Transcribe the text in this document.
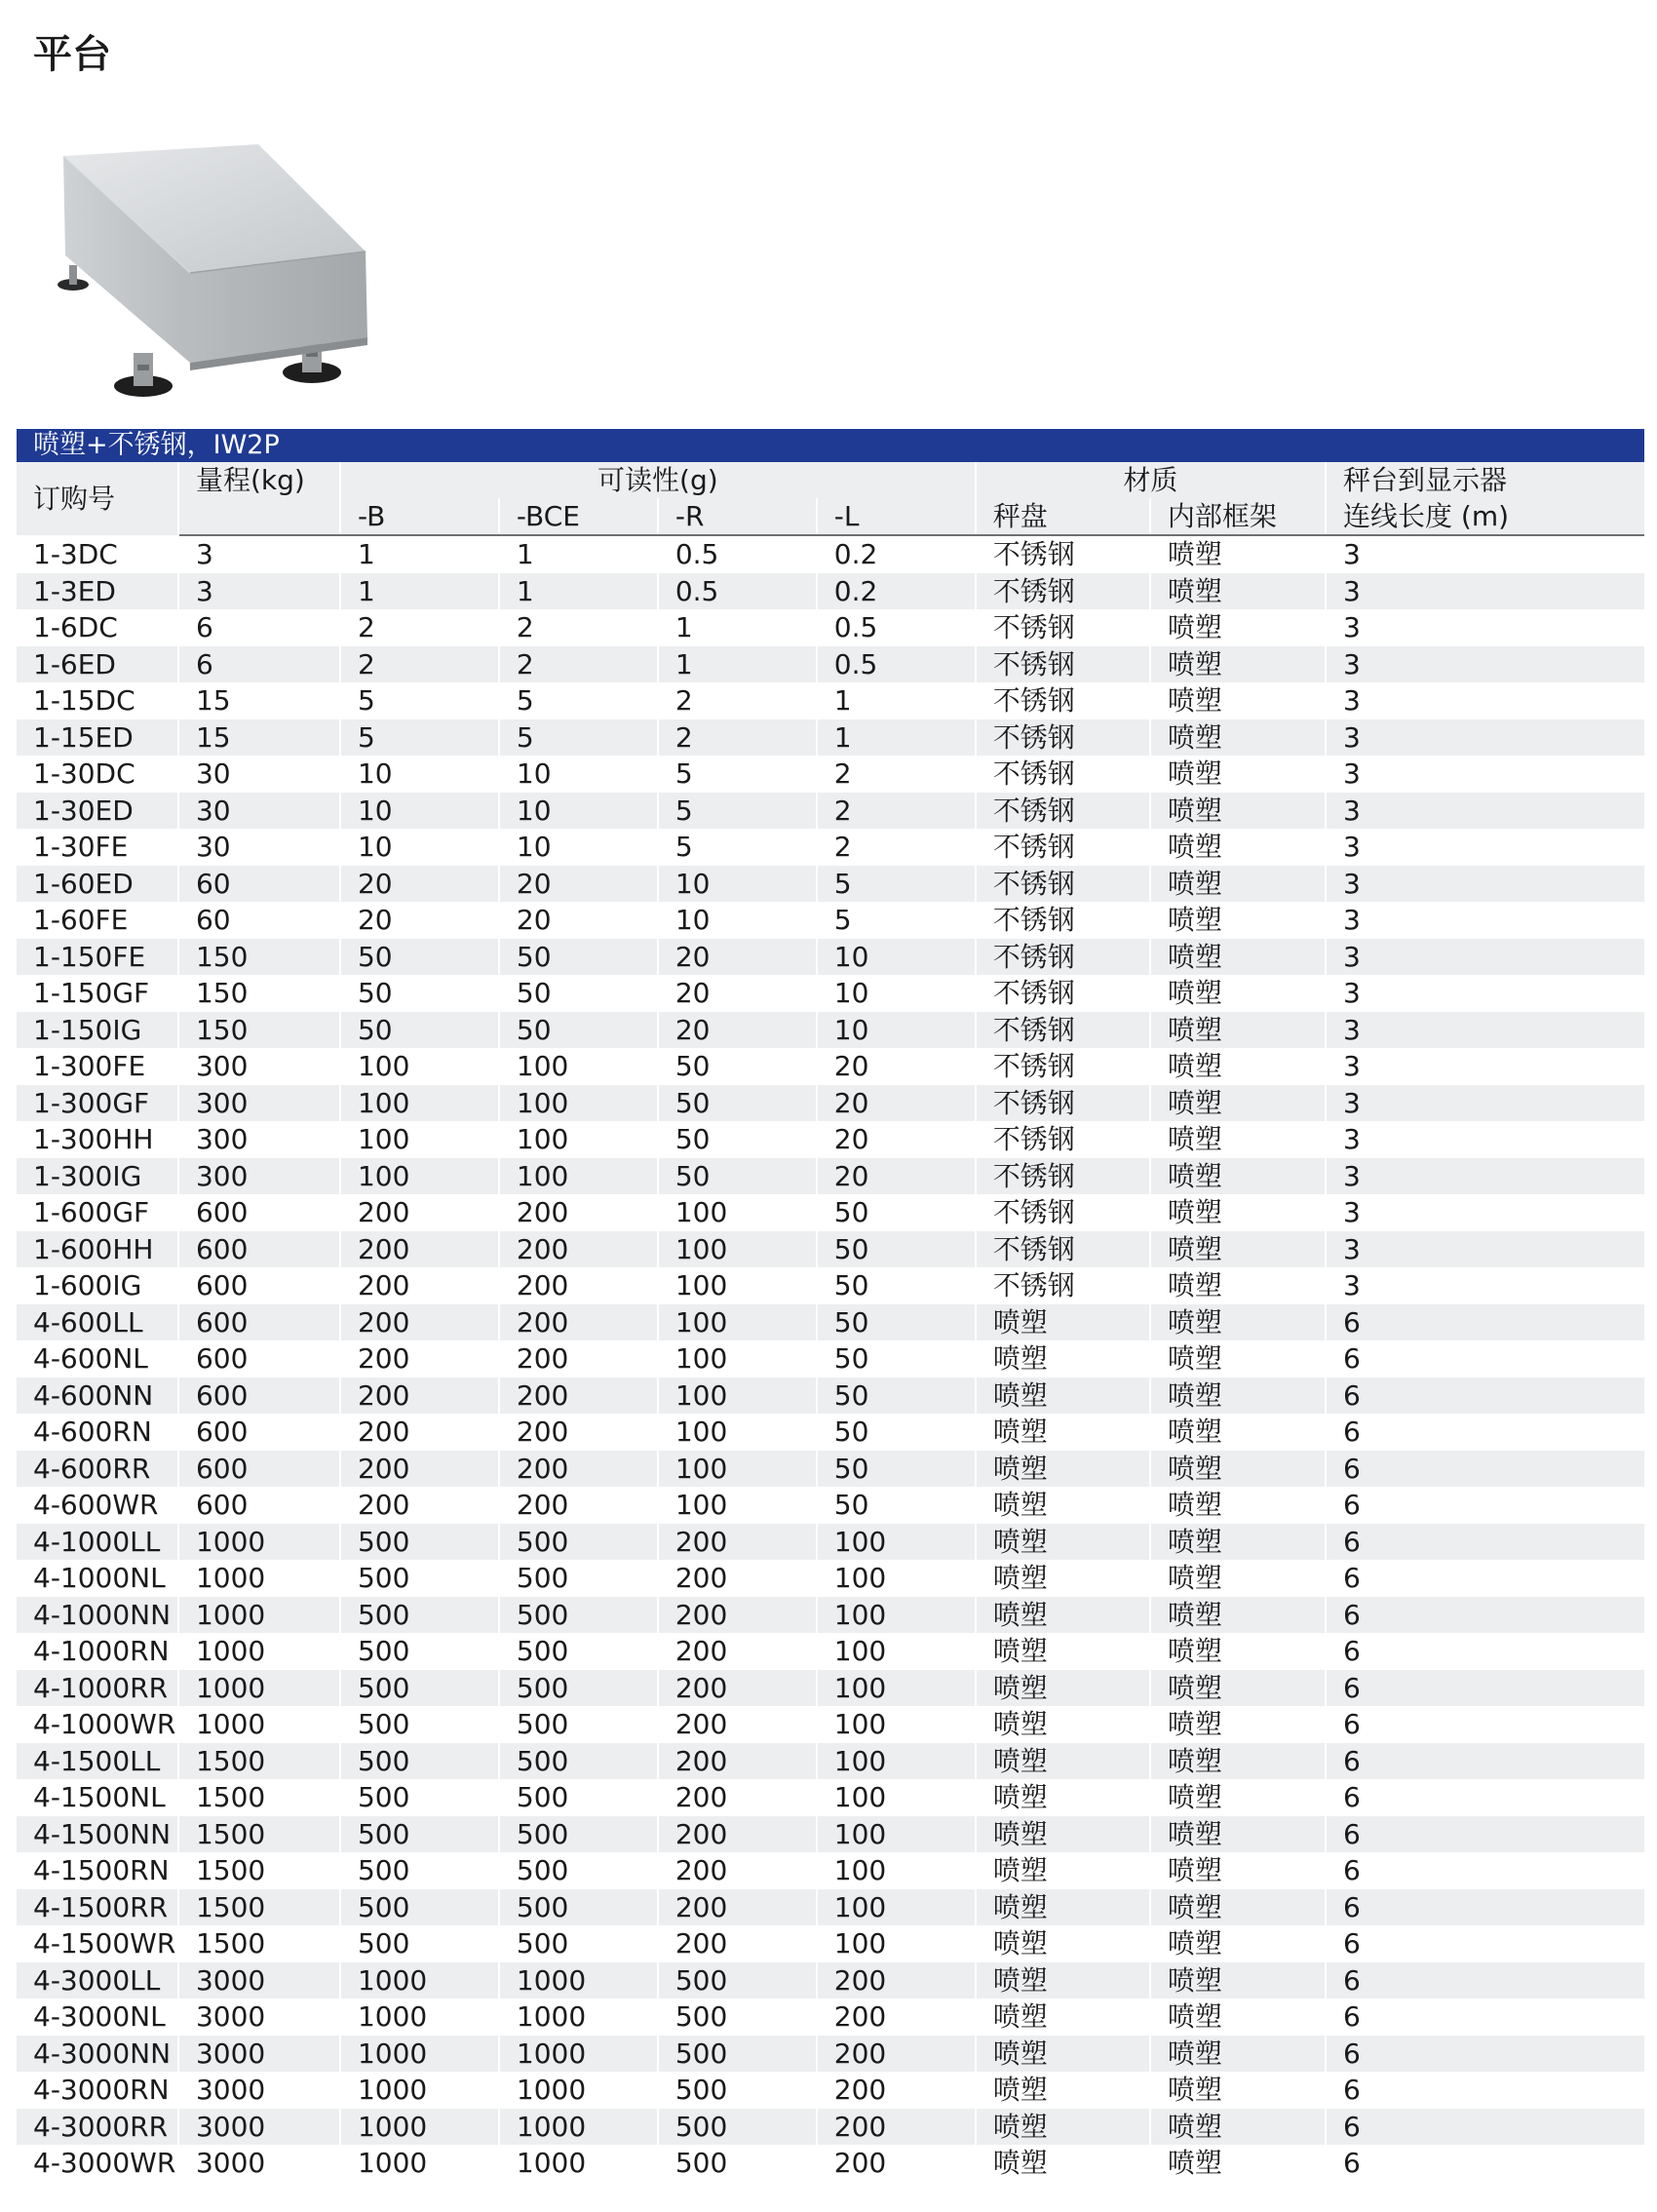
平台
喷塑+不锈钢，IW2P								
订购号	量程(kg)	可读性(g)				材质		秤台到显示器
		-B	-BCE	-R	-L	秤盘	内部框架	连线长度 (m)
1-3DC	3	1	1	0.5	0.2	不锈钢	喷塑	3
1-3ED	3	1	1	0.5	0.2	不锈钢	喷塑	3
1-6DC	6	2	2	1	0.5	不锈钢	喷塑	3
1-6ED	6	2	2	1	0.5	不锈钢	喷塑	3
1-15DC	15	5	5	2	1	不锈钢	喷塑	3
1-15ED	15	5	5	2	1	不锈钢	喷塑	3
1-30DC	30	10	10	5	2	不锈钢	喷塑	3
1-30ED	30	10	10	5	2	不锈钢	喷塑	3
1-30FE	30	10	10	5	2	不锈钢	喷塑	3
1-60ED	60	20	20	10	5	不锈钢	喷塑	3
1-60FE	60	20	20	10	5	不锈钢	喷塑	3
1-150FE	150	50	50	20	10	不锈钢	喷塑	3
1-150GF	150	50	50	20	10	不锈钢	喷塑	3
1-150IG	150	50	50	20	10	不锈钢	喷塑	3
1-300FE	300	100	100	50	20	不锈钢	喷塑	3
1-300GF	300	100	100	50	20	不锈钢	喷塑	3
1-300HH	300	100	100	50	20	不锈钢	喷塑	3
1-300IG	300	100	100	50	20	不锈钢	喷塑	3
1-600GF	600	200	200	100	50	不锈钢	喷塑	3
1-600HH	600	200	200	100	50	不锈钢	喷塑	3
1-600IG	600	200	200	100	50	不锈钢	喷塑	3
4-600LL	600	200	200	100	50	喷塑	喷塑	6
4-600NL	600	200	200	100	50	喷塑	喷塑	6
4-600NN	600	200	200	100	50	喷塑	喷塑	6
4-600RN	600	200	200	100	50	喷塑	喷塑	6
4-600RR	600	200	200	100	50	喷塑	喷塑	6
4-600WR	600	200	200	100	50	喷塑	喷塑	6
4-1000LL	1000	500	500	200	100	喷塑	喷塑	6
4-1000NL	1000	500	500	200	100	喷塑	喷塑	6
4-1000NN	1000	500	500	200	100	喷塑	喷塑	6
4-1000RN	1000	500	500	200	100	喷塑	喷塑	6
4-1000RR	1000	500	500	200	100	喷塑	喷塑	6
4-1000WR	1000	500	500	200	100	喷塑	喷塑	6
4-1500LL	1500	500	500	200	100	喷塑	喷塑	6
4-1500NL	1500	500	500	200	100	喷塑	喷塑	6
4-1500NN	1500	500	500	200	100	喷塑	喷塑	6
4-1500RN	1500	500	500	200	100	喷塑	喷塑	6
4-1500RR	1500	500	500	200	100	喷塑	喷塑	6
4-1500WR	1500	500	500	200	100	喷塑	喷塑	6
4-3000LL	3000	1000	1000	500	200	喷塑	喷塑	6
4-3000NL	3000	1000	1000	500	200	喷塑	喷塑	6
4-3000NN	3000	1000	1000	500	200	喷塑	喷塑	6
4-3000RN	3000	1000	1000	500	200	喷塑	喷塑	6
4-3000RR	3000	1000	1000	500	200	喷塑	喷塑	6
4-3000WR	3000	1000	1000	500	200	喷塑	喷塑	6
